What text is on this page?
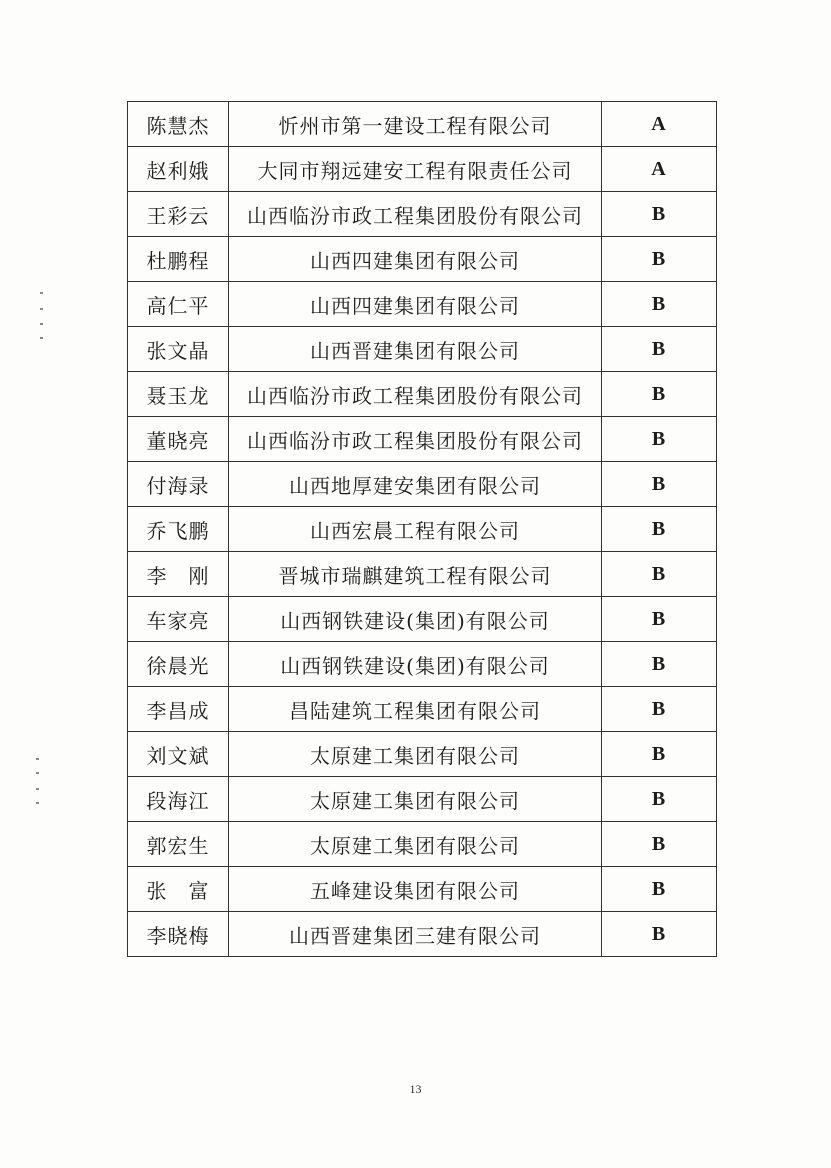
陈慧杰	忻州市第一建设工程有限公司	A
赵利娥	大同市翔远建安工程有限责任公司	A
王彩云	山西临汾市政工程集团股份有限公司	B
杜鹏程	山西四建集团有限公司	B
高仁平	山西四建集团有限公司	B
张文晶	山西晋建集团有限公司	B
聂玉龙	山西临汾市政工程集团股份有限公司	B
董晓亮	山西临汾市政工程集团股份有限公司	B
付海录	山西地厚建安集团有限公司	B
乔飞鹏	山西宏晨工程有限公司	B
李　刚	晋城市瑞麒建筑工程有限公司	B
车家亮	山西钢铁建设(集团)有限公司	B
徐晨光	山西钢铁建设(集团)有限公司	B
李昌成	昌陆建筑工程集团有限公司	B
刘文斌	太原建工集团有限公司	B
段海江	太原建工集团有限公司	B
郭宏生	太原建工集团有限公司	B
张　富	五峰建设集团有限公司	B
李晓梅	山西晋建集团三建有限公司	B
13
